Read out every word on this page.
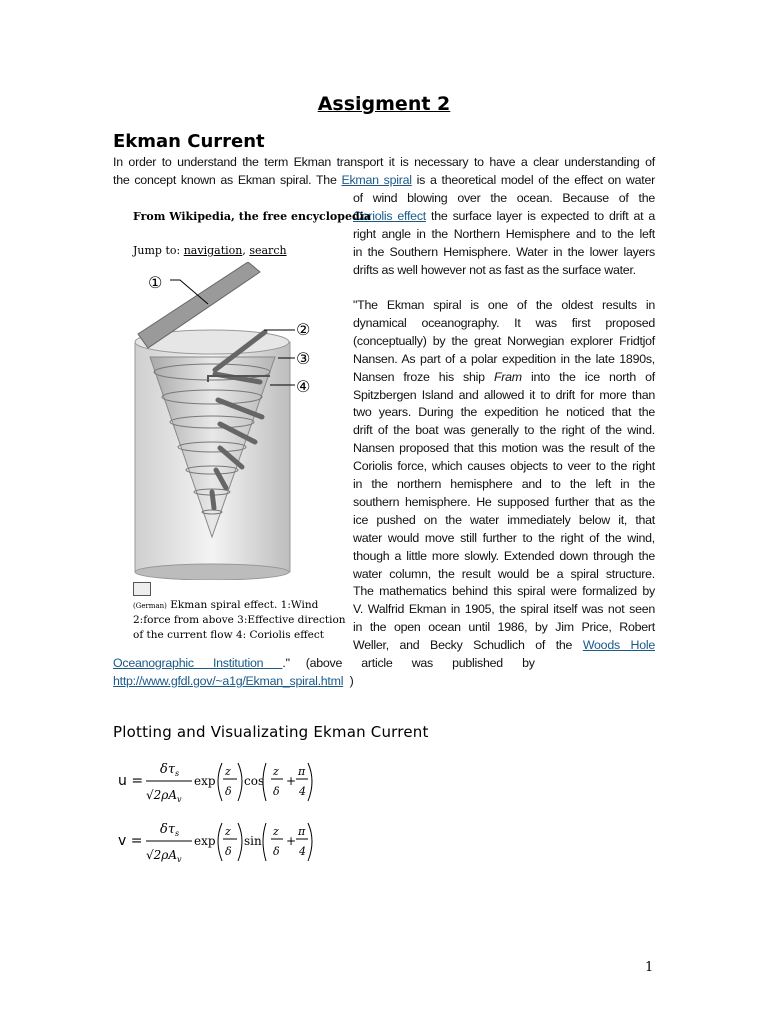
Assigment 2
Ekman Current
In order to understand the term Ekman transport it is necessary to have a clear understanding of
the concept known as Ekman spiral. The Ekman spiral is a theoretical model of the effect on water
of wind blowing over the ocean. Because of the
Coriolis effect the surface layer is expected to drift at a
right angle in the Northern Hemisphere and to the left
in the Southern Hemisphere. Water in the lower layers
drifts as well however not as fast as the surface water.
"The Ekman spiral is one of the oldest results in
dynamical oceanography. It was first proposed
(conceptually) by the great Norwegian explorer Fridtjof
Nansen. As part of a polar expedition in the late 1890s,
Nansen froze his ship Fram into the ice north of
Spitzbergen Island and allowed it to drift for more than
two years. During the expedition he noticed that the
drift of the boat was generally to the right of the wind.
Nansen proposed that this motion was the result of the
Coriolis force, which causes objects to veer to the right
in the northern hemisphere and to the left in the
southern hemisphere. He supposed further that as the
ice pushed on the water immediately below it, that
water would move still further to the right of the wind,
though a little more slowly. Extended down through the
water column, the result would be a spiral structure.
The mathematics behind this spiral were formalized by
V. Walfrid Ekman in 1905, the spiral itself was not seen
in the open ocean until 1986, by Jim Price, Robert
Weller, and Becky Schudlich of the Woods Hole
From Wikipedia, the free encyclopedia
Jump to: navigation, search
①
②
③
④
(German) Ekman spiral effect. 1:Wind
2:force from above 3:Effective direction
of the current flow 4: Coriolis effect
Oceanographic      Institution      ."     (above      article      was      published      by
http://www.gfdl.gov/~a1g/Ekman_spiral.html  )
Plotting and Visualizating Ekman Current
u =
$\delta\tau_s$
$√2\rho A_v$
exp
z
δ
cos
z
δ
+
π
4
v =
$\delta\tau_s$
$√2\rho A_v$
exp
z
δ
sin
z
δ
+
π
4
1
